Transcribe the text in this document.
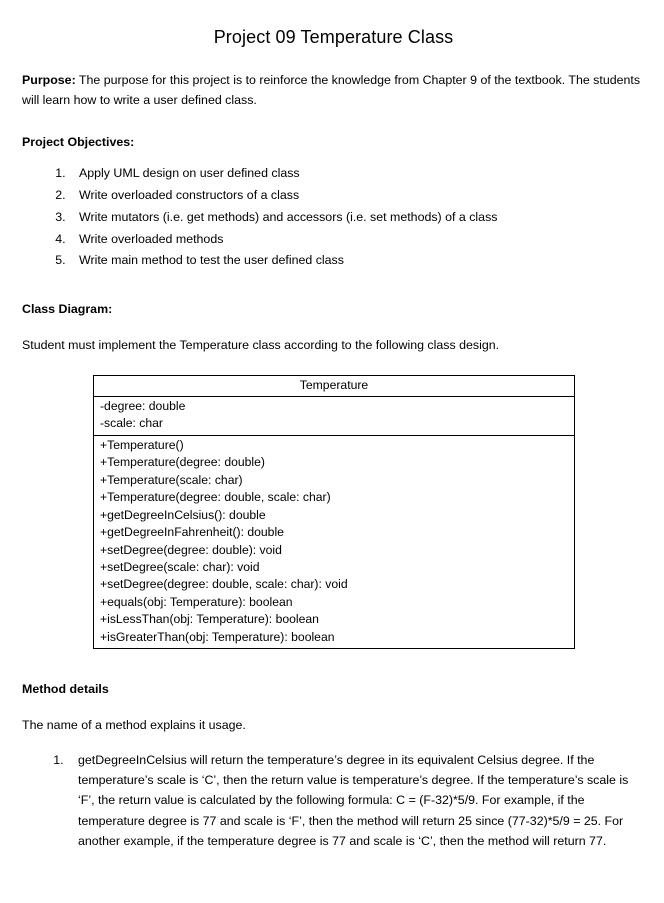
Project 09 Temperature Class

Purpose: The purpose for this project is to reinforce the knowledge from Chapter 9 of the textbook. The students will learn how to write a user defined class.

Project Objectives:
1. Apply UML design on user defined class
2. Write overloaded constructors of a class
3. Write mutators (i.e. get methods) and accessors (i.e. set methods) of a class
4. Write overloaded methods
5. Write main method to test the user defined class
Class Diagram:

Student must implement the Temperature class according to the following class design.

Temperature
-degree: double
-scale: char
+Temperature()
+Temperature(degree: double)
+Temperature(scale: char)
+Temperature(degree: double, scale: char)
+getDegreeInCelsius(): double
+getDegreeInFahrenheit(): double
+setDegree(degree: double): void
+setDegree(scale: char): void
+setDegree(degree: double, scale: char): void
+equals(obj: Temperature): boolean
+isLessThan(obj: Temperature): boolean
+isGreaterThan(obj: Temperature): boolean
Method details

The name of a method explains it usage.

1. getDegreeInCelsius will return the temperature’s degree in its equivalent Celsius degree. If the temperature’s scale is ‘C’, then the return value is temperature’s degree. If the temperature’s scale is ‘F’, the return value is calculated by the following formula: C = (F-32)*5/9. For example, if the temperature degree is 77 and scale is ‘F’, then the method will return 25 since (77-32)*5/9 = 25. For another example, if the temperature degree is 77 and scale is ‘C’, then the method will return 77.
